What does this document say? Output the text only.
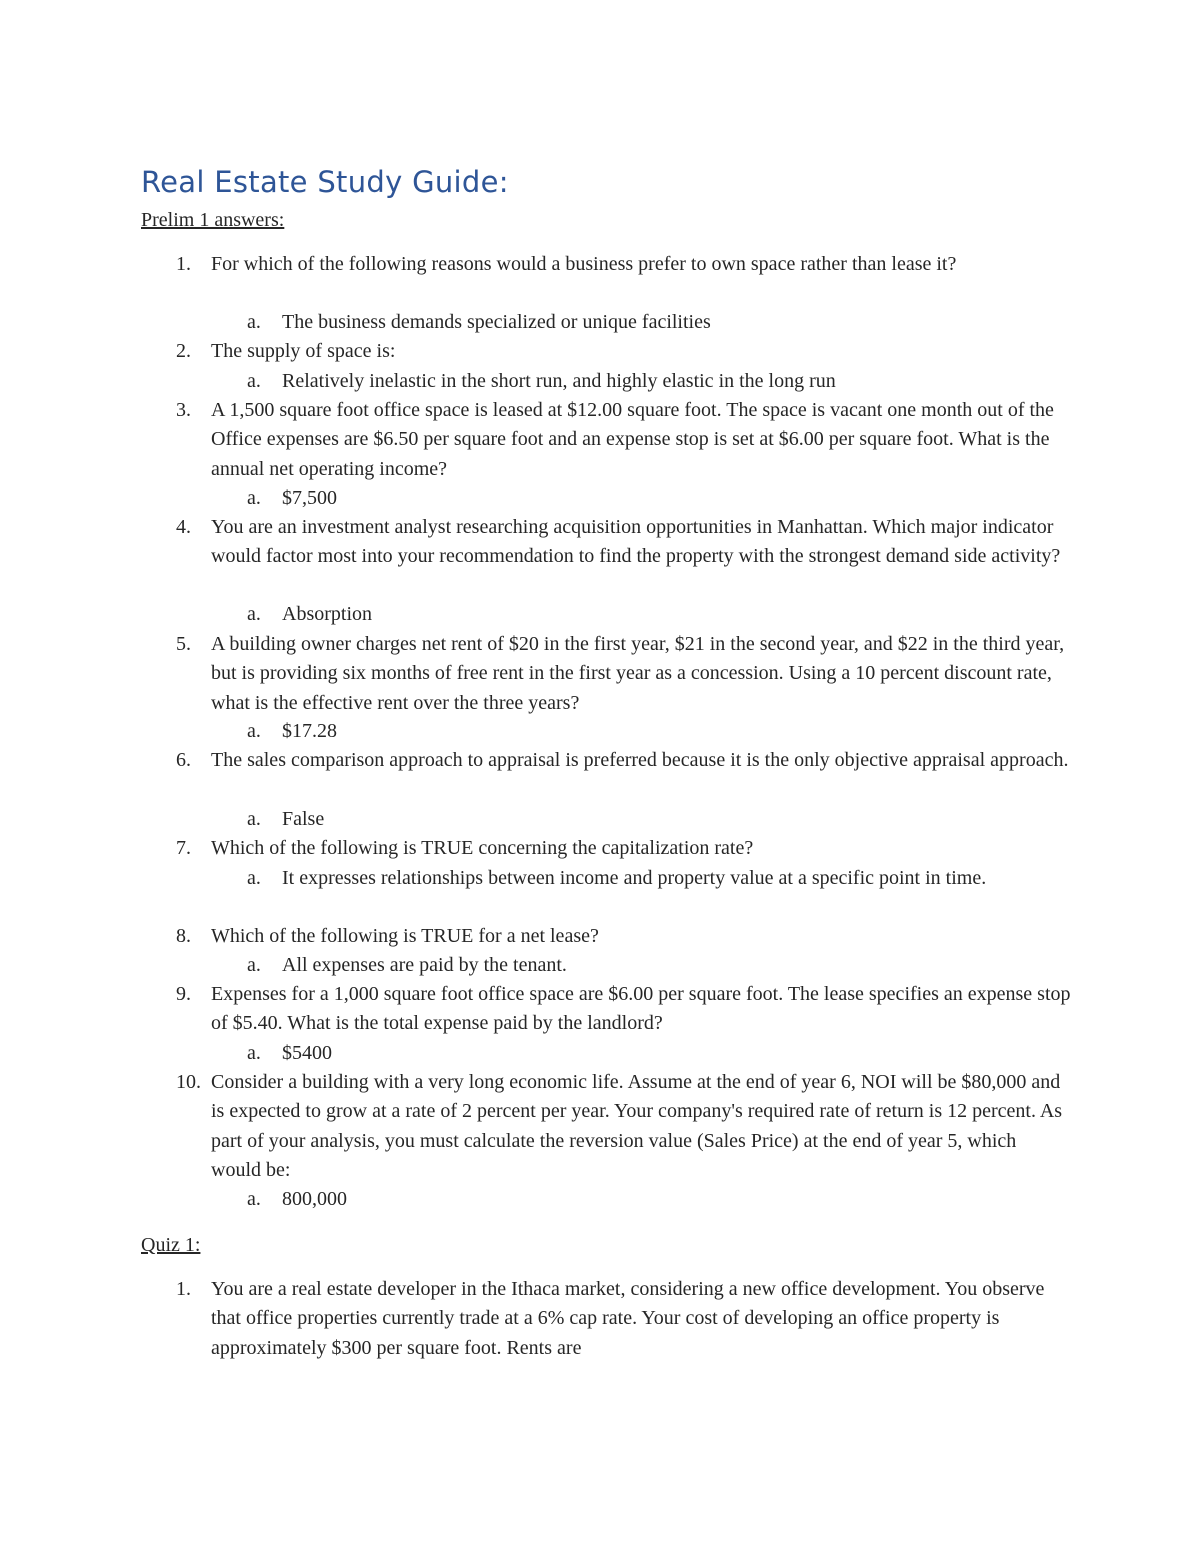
Real Estate Study Guide:
Prelim 1 answers:
1.	For which of the following reasons would a business prefer to own space rather than lease it?
a. The business demands specialized or unique facilities
2.	The supply of space is:
a. Relatively inelastic in the short run, and highly elastic in the long run
3.	A 1,500 square foot office space is leased at $12.00 square foot. The space is vacant one month out of the Office expenses are $6.50 per square foot and an expense stop is set at $6.00 per square foot. What is the annual net operating income?
a. $7,500
4.	You are an investment analyst researching acquisition opportunities in Manhattan. Which major indicator would factor most into your recommendation to find the property with the strongest demand side activity?
a. Absorption
5.	A building owner charges net rent of $20 in the first year, $21 in the second year, and $22 in the third year, but is providing six months of free rent in the first year as a concession. Using a 10 percent discount rate, what is the effective rent over the three years?
a. $17.28
6.	The sales comparison approach to appraisal is preferred because it is the only objective appraisal approach.
a. False
7.	Which of the following is TRUE concerning the capitalization rate?
a. It expresses relationships between income and property value at a specific point in time.
8.	Which of the following is TRUE for a net lease?
a. All expenses are paid by the tenant.
9.	Expenses for a 1,000 square foot office space are $6.00 per square foot. The lease specifies an expense stop of $5.40. What is the total expense paid by the landlord?
a. $5400
10. Consider a building with a very long economic life. Assume at the end of year 6, NOI will be $80,000 and is expected to grow at a rate of 2 percent per year. Your company's required rate of return is 12 percent. As part of your analysis, you must calculate the reversion value (Sales Price) at the end of year 5, which would be:
a. 800,000
Quiz 1:
1.	You are a real estate developer in the Ithaca market, considering a new office development. You observe that office properties currently trade at a 6% cap rate. Your cost of developing an office property is approximately $300 per square foot. Rents are
